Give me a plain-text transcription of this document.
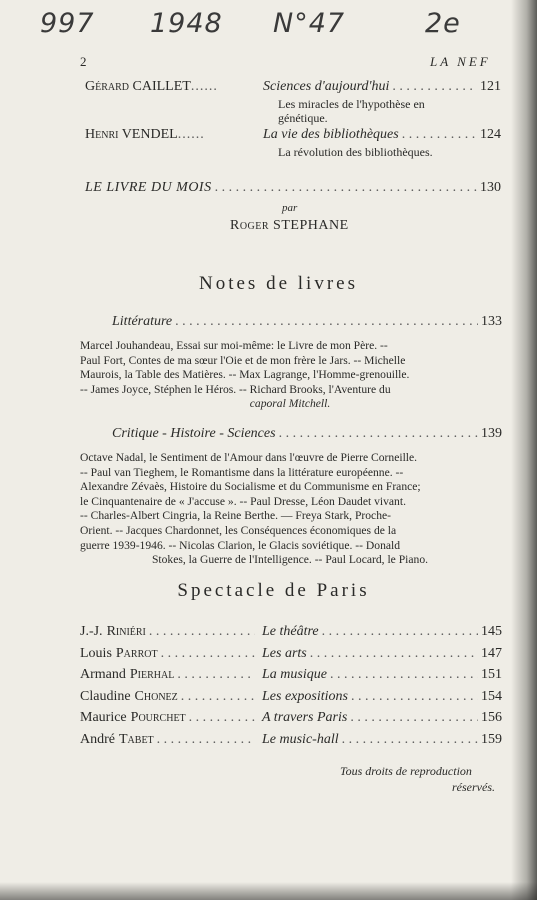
997 1948 N°47	2e
2	LA NEF
Gérard CAILLET ......	Sciences d'aujourd'hui . . .	121
Les miracles de l'hypothèse en
génétique.
Henri VENDEL ......	La vie des bibliothèques . . .	124
La révolution des bibliothèques.
LE LIVRE DU MOIS . . .	130
par
Roger STEPHANE
Notes de livres
Littérature . . .	133
Marcel Jouhandeau, Essai sur moi-même: le Livre de mon Père. --
Paul Fort, Contes de ma sœur l'Oie et de mon frère le Jars. -- Michelle
Maurois, la Table des Matières. -- Max Lagrange, l'Homme-grenouille.
-- James Joyce, Stéphen le Héros. -- Richard Brooks, l'Aventure du
caporal Mitchell.
Critique - Histoire - Sciences . . .	139
Octave Nadal, le Sentiment de l'Amour dans l'œuvre de Pierre Corneille.
-- Paul van Tieghem, le Romantisme dans la littérature européenne. --
Alexandre Zévaès, Histoire du Socialisme et du Communisme en France;
le Cinquantenaire de « J'accuse ». -- Paul Dresse, Léon Daudet vivant.
-- Charles-Albert Cingria, la Reine Berthe. — Freya Stark, Proche-
Orient. -- Jacques Chardonnet, les Conséquences économiques de la
guerre 1939-1946. -- Nicolas Clarion, le Glacis soviétique. -- Donald
Stokes, la Guerre de l'Intelligence. -- Paul Locard, le Piano.
Spectacle de Paris
J.-J. Riniéri . . .	Le théâtre . . .	145
Louis Parrot . . .	Les arts . . .	147
Armand Pierhal . . .	La musique . . .	151
Claudine Chonez . . .	Les expositions . . .	154
Maurice Pourchet . . .	A travers Paris . . .	156
André Tabet . . .	Le music-hall . . .	159
Tous droits de reproduction
réservés.
